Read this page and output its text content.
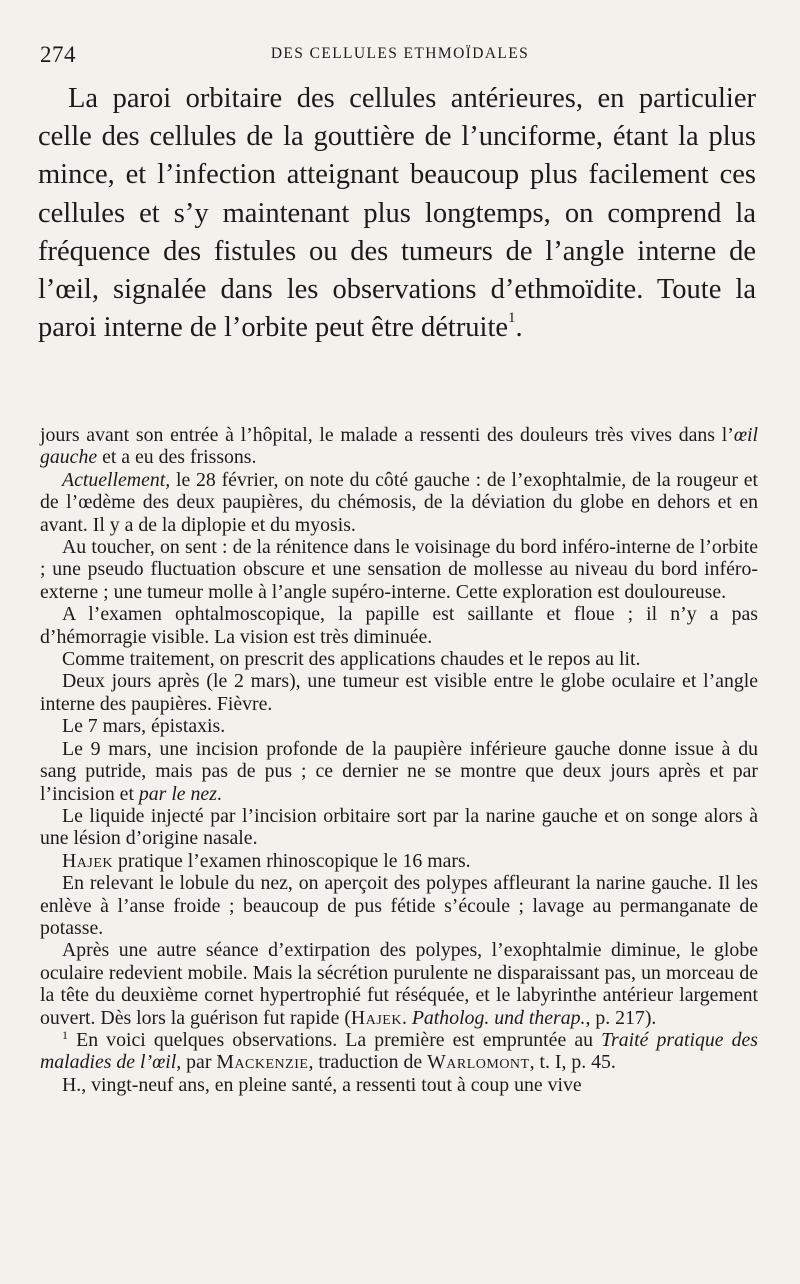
274	DES CELLULES ETHMOÏDALES

La paroi orbitaire des cellules antérieures, en particulier celle des cellules de la gouttière de l’unciforme, étant la plus mince, et l’infection atteignant beaucoup plus facilement ces cellules et s’y maintenant plus longtemps, on comprend la fréquence des fistules ou des tumeurs de l’angle interne de l’œil, signalée dans les observations d’ethmoïdite. Toute la paroi interne de l’orbite peut être détruite$^1$.

jours avant son entrée à l’hôpital, le malade a ressenti des douleurs très vives dans l’œil gauche et a eu des frissons.

Actuellement, le 28 février, on note du côté gauche : de l’exophtalmie, de la rougeur et de l’œdème des deux paupières, du chémosis, de la déviation du globe en dehors et en avant. Il y a de la diplopie et du myosis.

Au toucher, on sent : de la rénitence dans le voisinage du bord inféro-interne de l’orbite ; une pseudo fluctuation obscure et une sensation de mollesse au niveau du bord inféro-externe ; une tumeur molle à l’angle supéro-interne. Cette exploration est douloureuse.

A l’examen ophtalmoscopique, la papille est saillante et floue ; il n’y a pas d’hémorragie visible. La vision est très diminuée.

Comme traitement, on prescrit des applications chaudes et le repos au lit.

Deux jours après (le 2 mars), une tumeur est visible entre le globe oculaire et l’angle interne des paupières. Fièvre.

Le 7 mars, épistaxis.

Le 9 mars, une incision profonde de la paupière inférieure gauche donne issue à du sang putride, mais pas de pus ; ce dernier ne se montre que deux jours après et par l’incision et par le nez.

Le liquide injecté par l’incision orbitaire sort par la narine gauche et on songe alors à une lésion d’origine nasale.

Hajek pratique l’examen rhinoscopique le 16 mars.

En relevant le lobule du nez, on aperçoit des polypes affleurant la narine gauche. Il les enlève à l’anse froide ; beaucoup de pus fétide s’écoule ; lavage au permanganate de potasse.

Après une autre séance d’extirpation des polypes, l’exophtalmie diminue, le globe oculaire redevient mobile. Mais la sécrétion purulente ne disparaissant pas, un morceau de la tête du deuxième cornet hypertrophié fut réséquée, et le labyrinthe antérieur largement ouvert. Dès lors la guérison fut rapide (Hajek. Patholog. und therap., p. 217).

$^1$ En voici quelques observations. La première est empruntée au Traité pratique des maladies de l’œil, par Mackenzie, traduction de Warlomont, t. I, p. 45.

H., vingt-neuf ans, en pleine santé, a ressenti tout à coup une vive
